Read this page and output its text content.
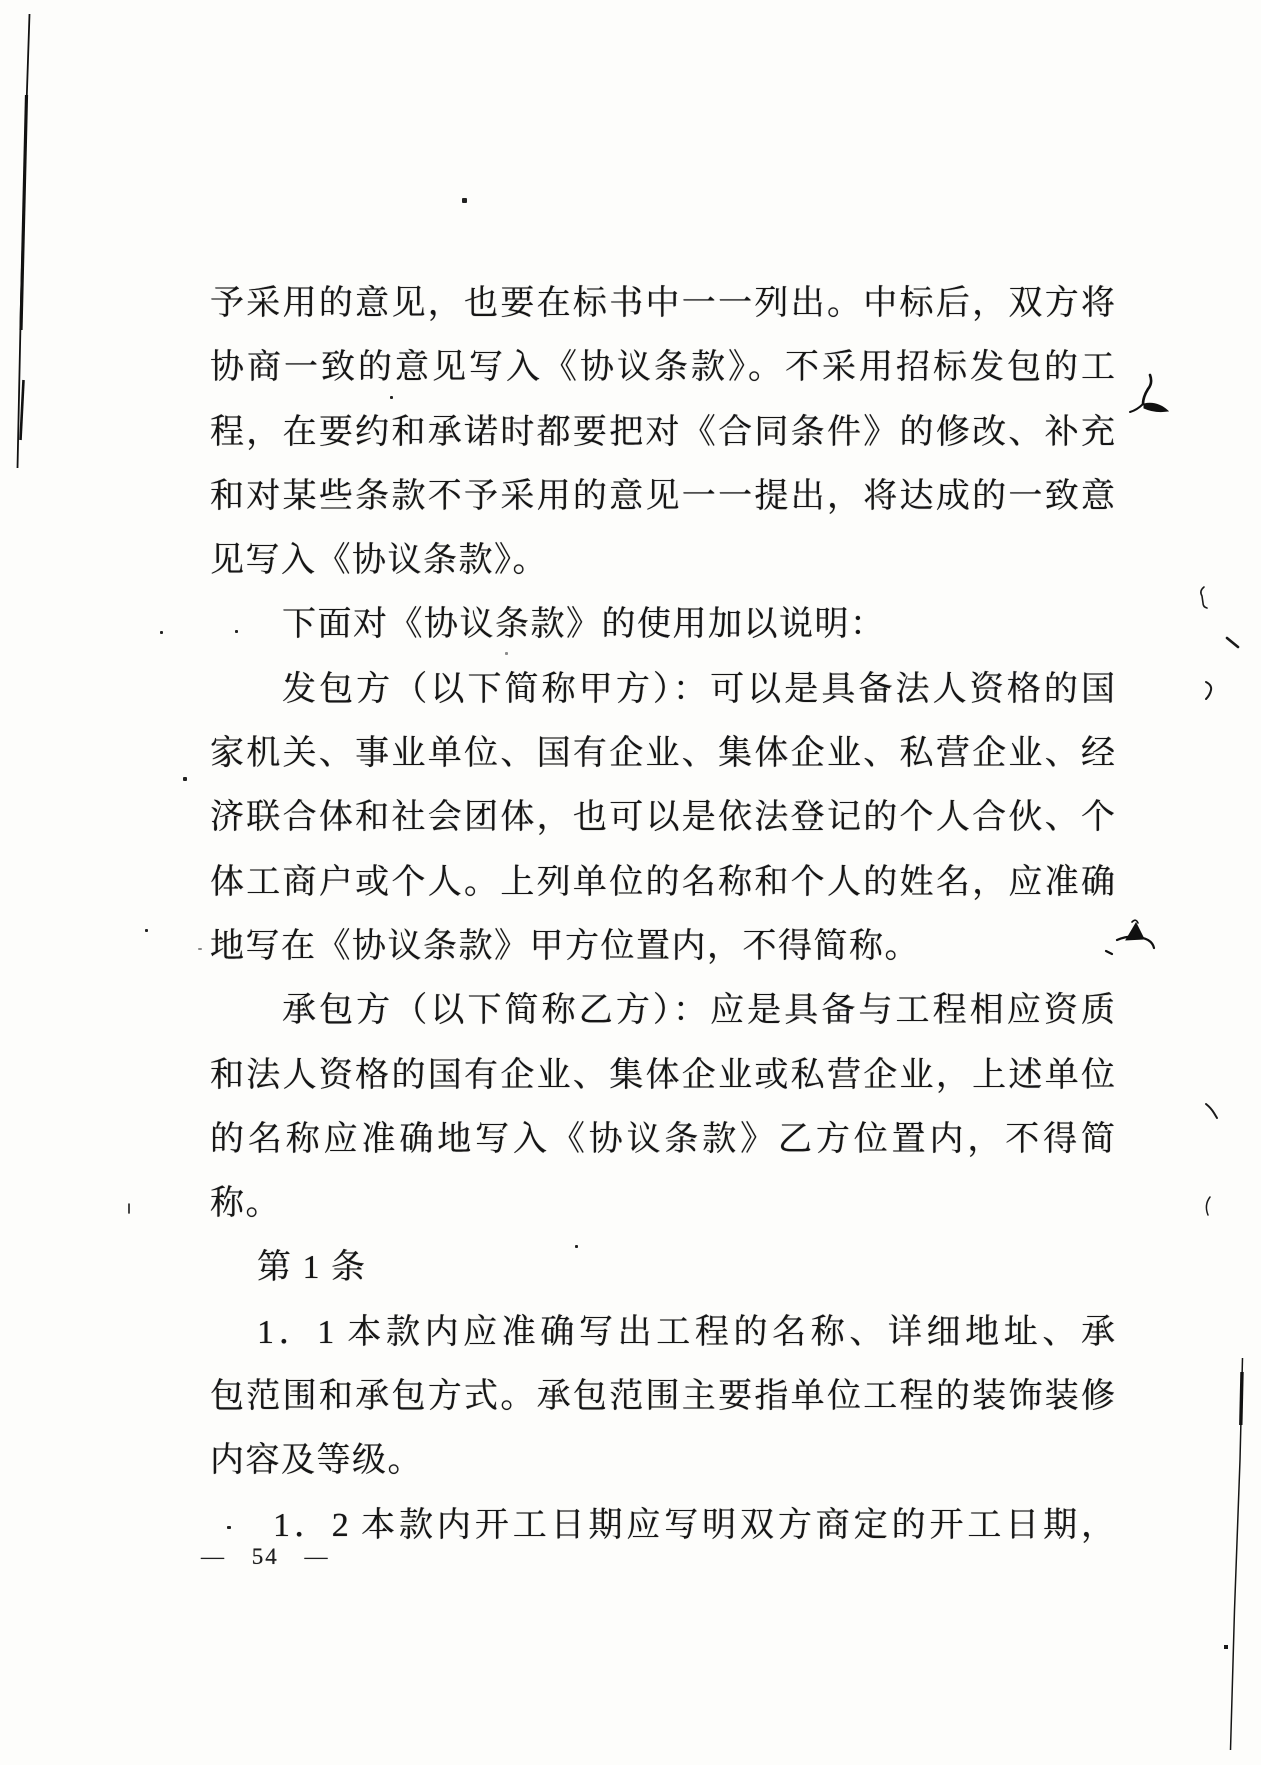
予采用的意见，也要在标书中一一列出。中标后，双方将
协商一致的意见写入《协议条款》。不采用招标发包的工
程，在要约和承诺时都要把对《合同条件》的修改、补充
和对某些条款不予采用的意见一一提出，将达成的一致意
见写入《协议条款》。
下面对《协议条款》的使用加以说明：
发包方（以下简称甲方）：可以是具备法人资格的国
家机关、事业单位、国有企业、集体企业、私营企业、经
济联合体和社会团体，也可以是依法登记的个人合伙、个
体工商户或个人。上列单位的名称和个人的姓名，应准确
地写在《协议条款》甲方位置内，不得简称。
承包方（以下简称乙方）：应是具备与工程相应资质
和法人资格的国有企业、集体企业或私营企业，上述单位
的名称应准确地写入《协议条款》乙方位置内，不得简
称。
第 1 条
1．1 本款内应准确写出工程的名称、详细地址、承
包范围和承包方式。承包范围主要指单位工程的装饰装修
内容及等级。
1．2 本款内开工日期应写明双方商定的开工日期，
— 54 —
